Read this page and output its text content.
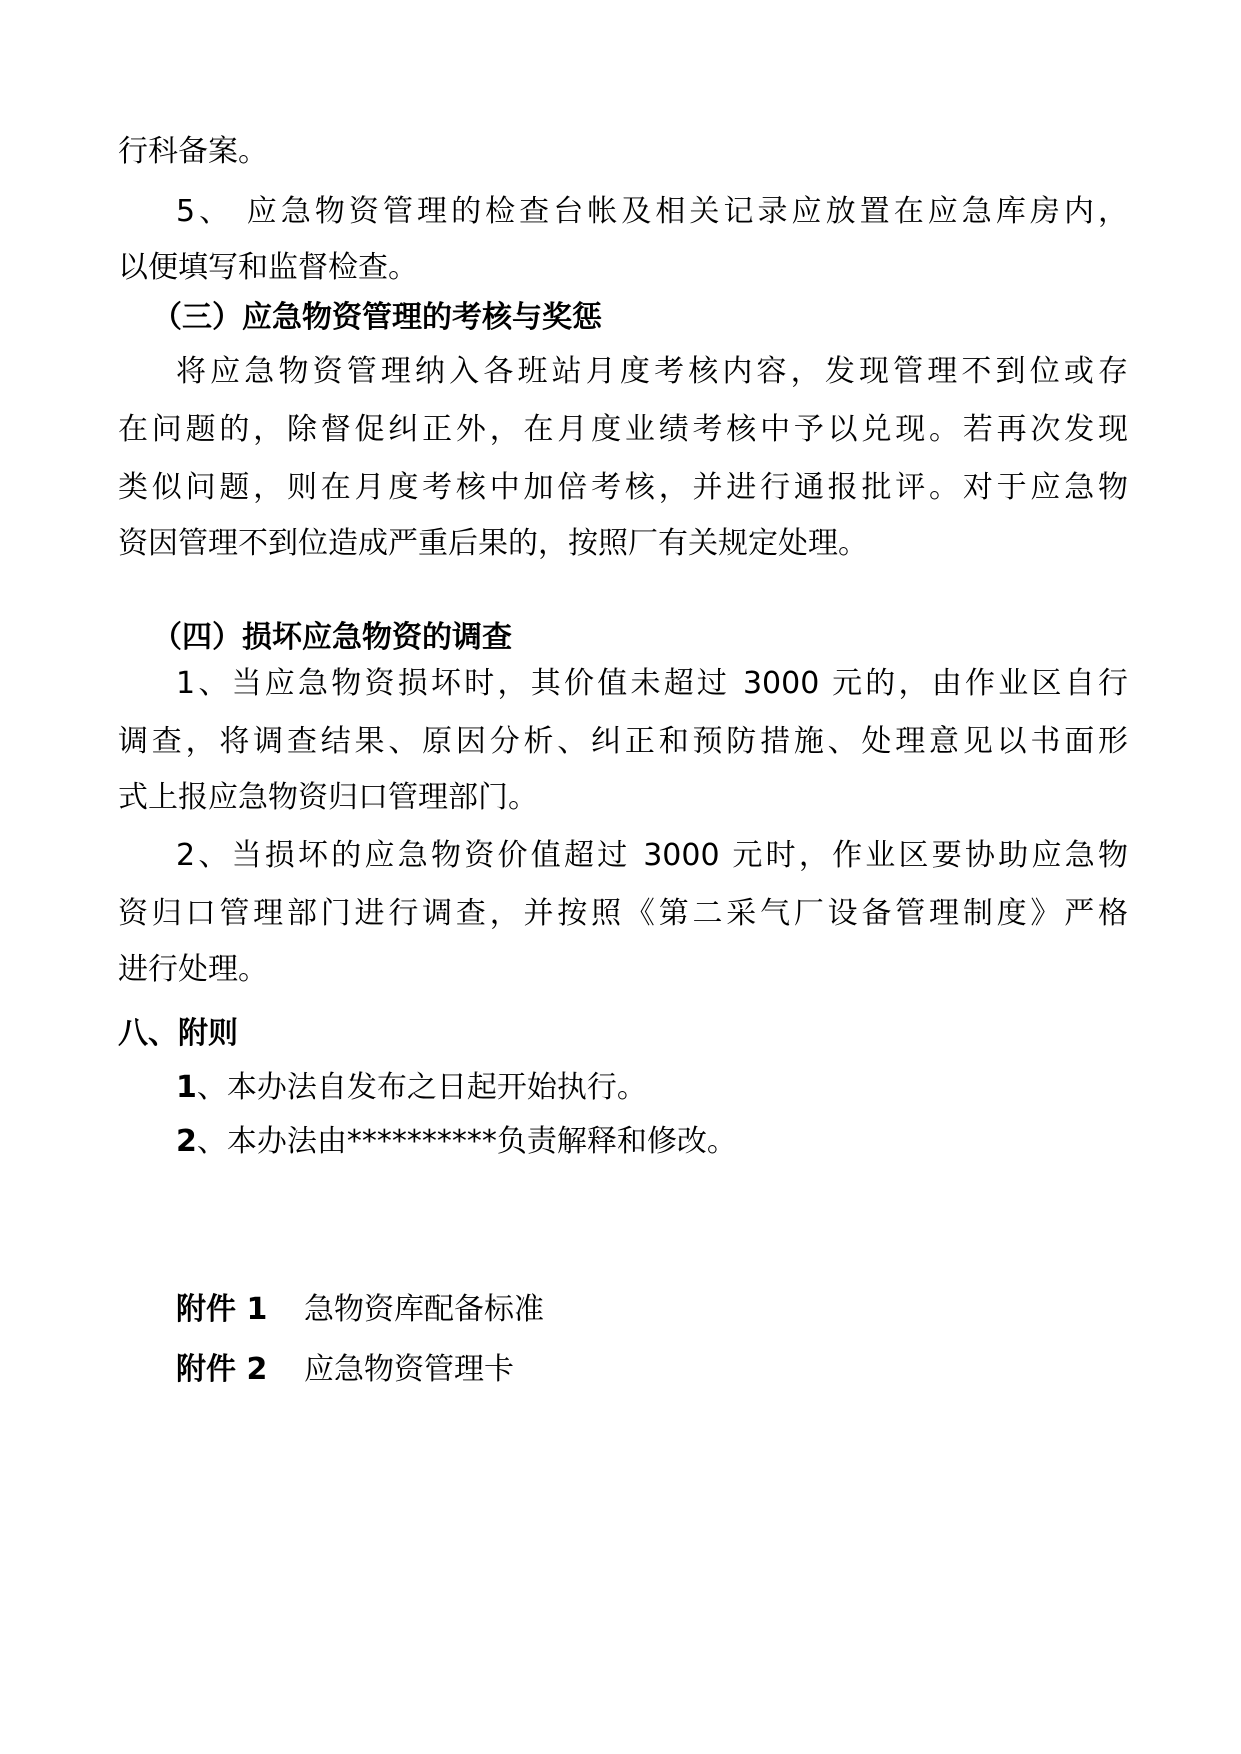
行科备案。
5、 应急物资管理的检查台帐及相关记录应放置在应急库房内，
以便填写和监督检查。
（三）应急物资管理的考核与奖惩
将应急物资管理纳入各班站月度考核内容，发现管理不到位或存
在问题的，除督促纠正外，在月度业绩考核中予以兑现。若再次发现
类似问题，则在月度考核中加倍考核，并进行通报批评。对于应急物
资因管理不到位造成严重后果的，按照厂有关规定处理。
（四）损坏应急物资的调查
1、当应急物资损坏时，其价值未超过 3000 元的，由作业区自行
调查，将调查结果、原因分析、纠正和预防措施、处理意见以书面形
式上报应急物资归口管理部门。
2、当损坏的应急物资价值超过 3000 元时，作业区要协助应急物
资归口管理部门进行调查，并按照《第二采气厂设备管理制度》严格
进行处理。
八、附则
1、本办法自发布之日起开始执行。
2、本办法由**********负责解释和修改。
附件 1 急物资库配备标准
附件 2 应急物资管理卡
